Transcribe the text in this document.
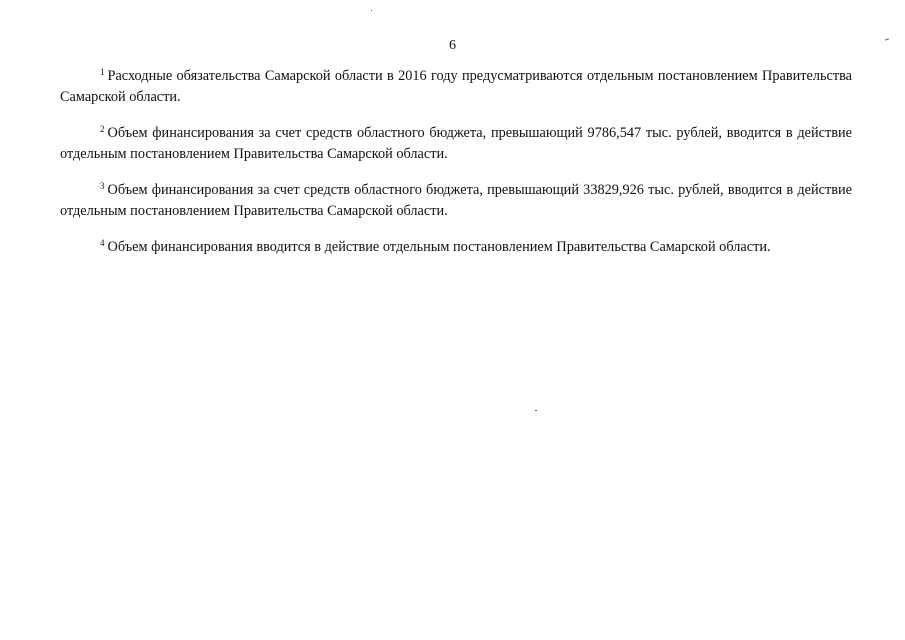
6

$^1$ Расходные обязательства Самарской области в 2016 году предусматриваются отдельным постановлением Правительства Самарской области.

$^2$ Объем финансирования за счет средств областного бюджета, превышающий 9786,547 тыс. рублей, вводится в действие отдельным постановлением Правительства Самарской области.

$^3$ Объем финансирования за счет средств областного бюджета, превышающий 33829,926 тыс. рублей, вводится в действие отдельным постановлением Правительства Самарской области.

$^4$ Объем финансирования вводится в действие отдельным постановлением Правительства Самарской области.
